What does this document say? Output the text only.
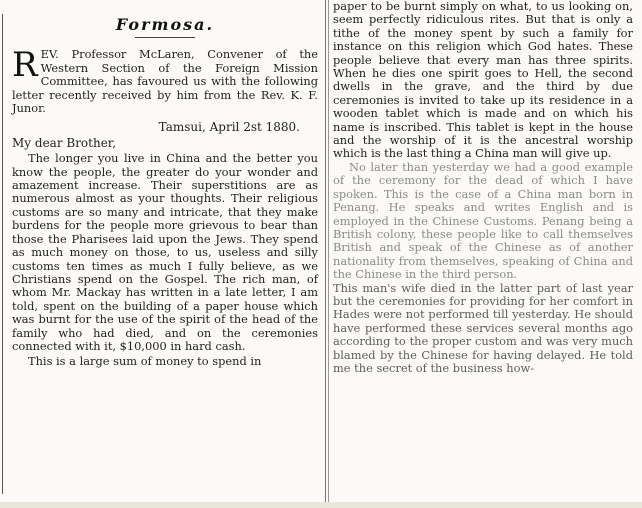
Formosa.

REV. Professor McLaren, Convener of the Western Section of the Foreign Mission Committee, has favoured us with the following letter recently received by him from the Rev. K. F. Junor.

Tamsui, April 2st 1880.

My dear Brother,

The longer you live in China and the better you know the people, the greater do your wonder and amazement increase. Their superstitions are as numerous almost as your thoughts. Their religious customs are so many and intricate, that they make burdens for the people more grievous to bear than those the Pharisees laid upon the Jews. They spend as much money on those, to us, useless and silly customs ten times as much I fully believe, as we Christians spend on the Gospel. The rich man, of whom Mr. Mackay has written in a late letter, I am told, spent on the building of a paper house which was burnt for the use of the spirit of the head of the family who had died, and on the ceremonies connected with it, $10,000 in hard cash.

This is a large sum of money to spend in

paper to be burnt simply on what, to us looking on, seem perfectly ridiculous rites. But that is only a tithe of the money spent by such a family for instance on this religion which God hates. These people believe that every man has three spirits. When he dies one spirit goes to Hell, the second dwells in the grave, and the third by due ceremonies is invited to take up its residence in a wooden tablet which is made and on which his name is inscribed. This tablet is kept in the house and the worship of it is the ancestral worship which is the last thing a China man will give up.

No later than yesterday we had a good example of the ceremony for the dead of which I have spoken. This is the case of a China man born in Penang. He speaks and writes English and is employed in the Chinese Customs. Penang being a British colony, these people like to call themselves British and speak of the Chinese as of another nationality from themselves, speaking of China and the Chinese in the third person.

This man's wife died in the latter part of last year but the ceremonies for providing for her comfort in Hades were not performed till yesterday. He should have performed these services several months ago according to the proper custom and was very much blamed by the Chinese for having delayed. He told me the secret of the business how-
